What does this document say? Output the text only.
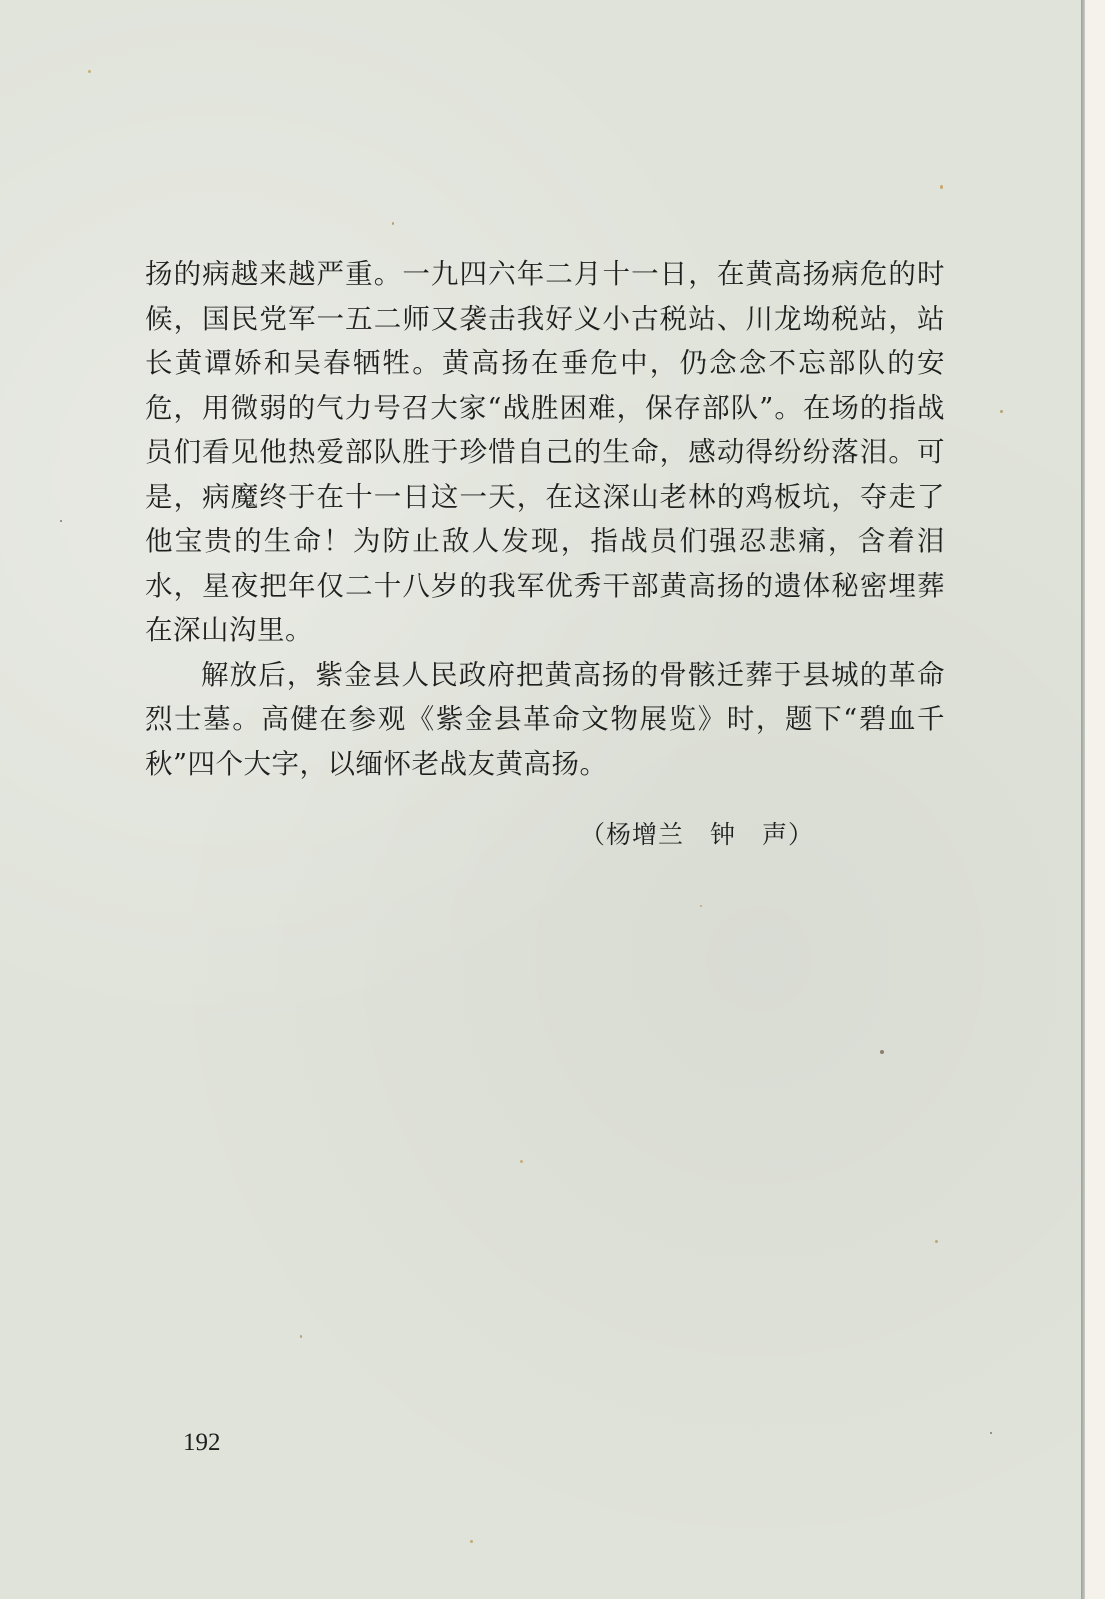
扬的病越来越严重。一九四六年二月十一日，在黄高扬病危的时候，国民党军一五二师又袭击我好义小古税站、川龙坳税站，站长黄谭娇和吴春牺牲。黄高扬在垂危中，仍念念不忘部队的安危，用微弱的气力号召大家“战胜困难，保存部队”。在场的指战员们看见他热爱部队胜于珍惜自己的生命，感动得纷纷落泪。可是，病魔终于在十一日这一天，在这深山老林的鸡板坑，夺走了他宝贵的生命！为防止敌人发现，指战员们强忍悲痛，含着泪水，星夜把年仅二十八岁的我军优秀干部黄高扬的遗体秘密埋葬在深山沟里。

解放后，紫金县人民政府把黄高扬的骨骸迁葬于县城的革命烈士墓。高健在参观《紫金县革命文物展览》时，题下“碧血千秋”四个大字，以缅怀老战友黄高扬。

（杨增兰　钟　声）
192
